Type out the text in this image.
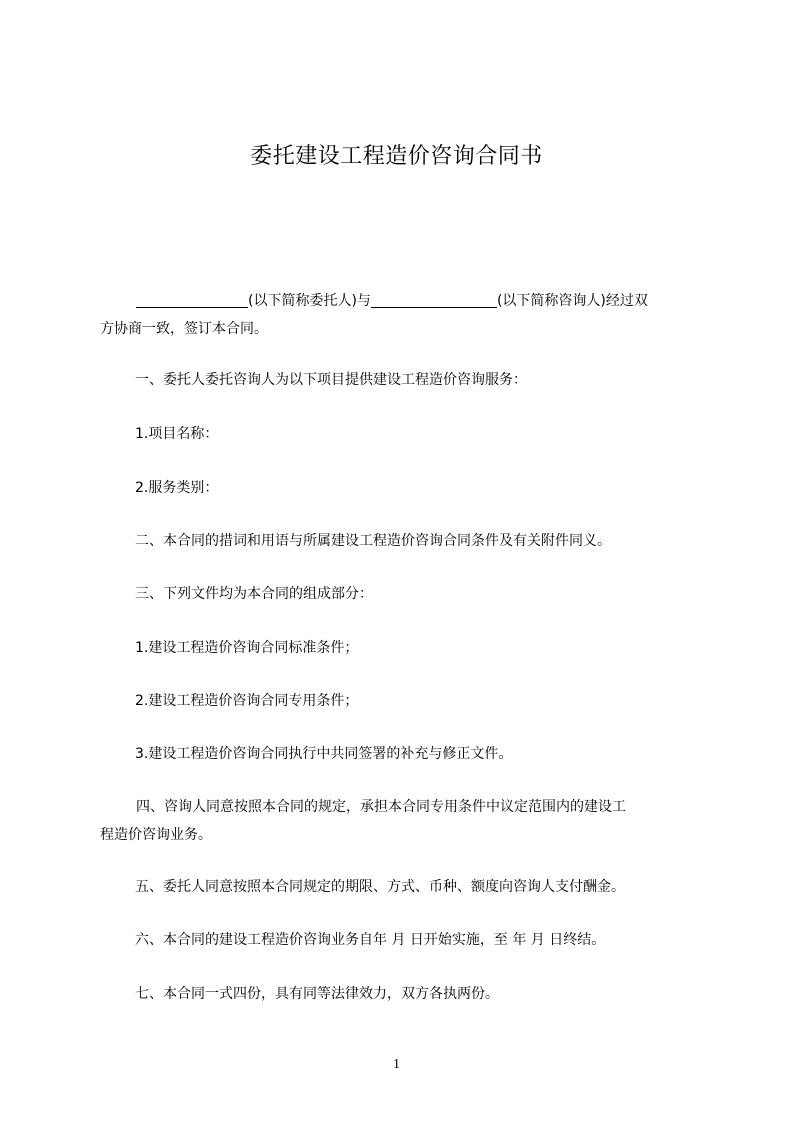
委托建设工程造价咨询合同书
(以下简称委托人)与	(以下简称咨询人)经过双
方协商一致，签订本合同。
一、委托人委托咨询人为以下项目提供建设工程造价咨询服务：
1.项目名称：
2.服务类别：
二、本合同的措词和用语与所属建设工程造价咨询合同条件及有关附件同义。
三、下列文件均为本合同的组成部分：
1.建设工程造价咨询合同标准条件；
2.建设工程造价咨询合同专用条件；
3.建设工程造价咨询合同执行中共同签署的补充与修正文件。
四、咨询人同意按照本合同的规定，承担本合同专用条件中议定范围内的建设工
程造价咨询业务。
五、委托人同意按照本合同规定的期限、方式、币种、额度向咨询人支付酬金。
六、本合同的建设工程造价咨询业务自年 月 日开始实施，至 年 月 日终结。
七、本合同一式四份，具有同等法律效力，双方各执两份。
1
